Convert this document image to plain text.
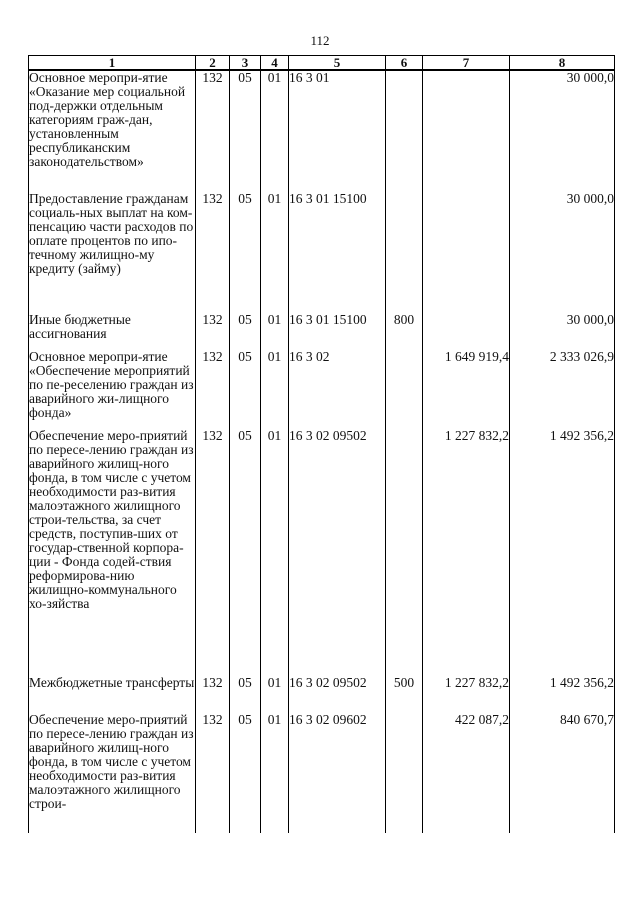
112
1	2	3	4	5	6	7	8
Основное меропри-ятие «Оказание мер социальной под-держки отдельным категориям граж-дан, установленным республиканским законодательством»	132	05	01	16 3 01			30 000,0

Предоставление гражданам социаль-ных выплат на ком-пенсацию части расходов по оплате процентов по ипо-течному жилищно-му кредиту (займу)	132	05	01	16 3 01 15100			30 000,0

Иные бюджетные ассигнования	132	05	01	16 3 01 15100	800		30 000,0

Основное меропри-ятие «Обеспечение мероприятий по пе-реселению граждан из аварийного жи-лищного фонда»	132	05	01	16 3 02		1 649 919,4	2 333 026,9

Обеспечение меро-приятий по пересе-лению граждан из аварийного жилищ-ного фонда, в том числе с учетом необходимости раз-вития малоэтажного жилищного строи-тельства, за счет средств, поступив-ших от государ-ственной корпора-ции - Фонда содей-ствия реформирова-нию жилищно-коммунального хо-зяйства	132	05	01	16 3 02 09502		1 227 832,2	1 492 356,2

Межбюджетные трансферты	132	05	01	16 3 02 09502	500	1 227 832,2	1 492 356,2

Обеспечение меро-приятий по пересе-лению граждан из аварийного жилищ-ного фонда, в том числе с учетом необходимости раз-вития малоэтажного жилищного строи-	132	05	01	16 3 02 09602		422 087,2	840 670,7
